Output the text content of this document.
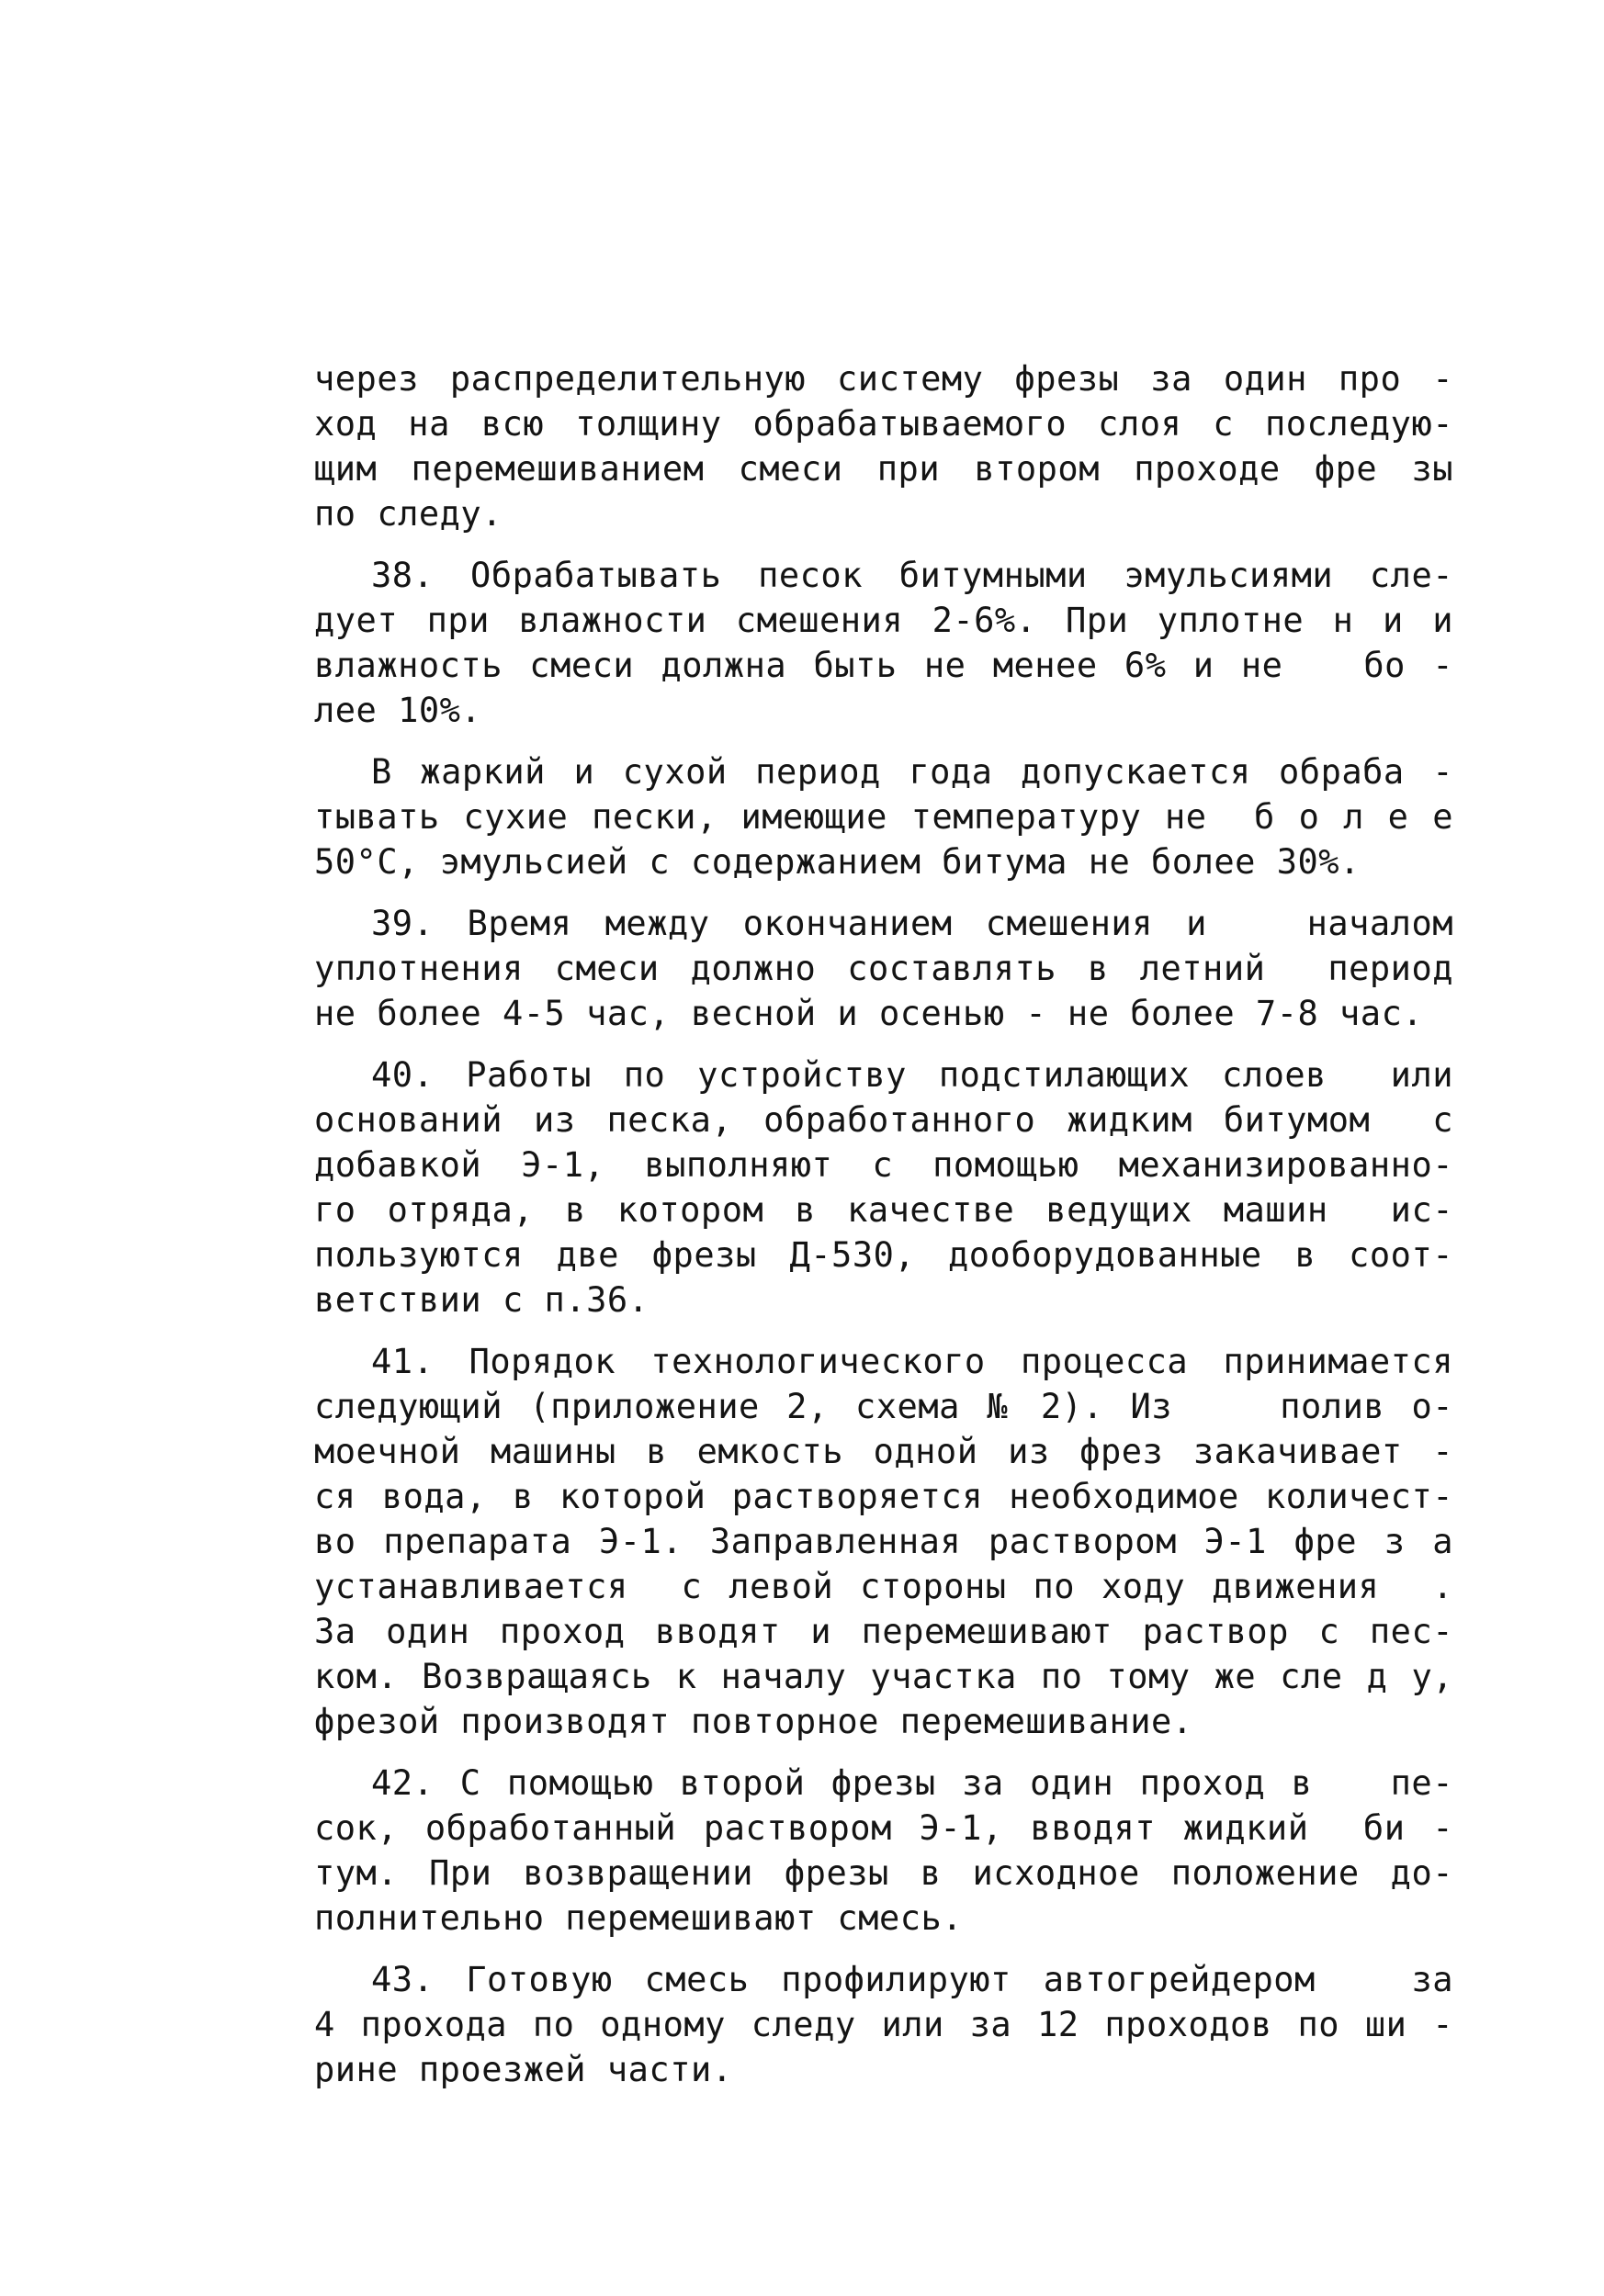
через распределительную систему фрезы за один про -
ход на всю толщину обрабатываемого слоя с последую-
щим перемешиванием смеси при втором проходе фре зы
по следу.
38. Обрабатывать песок битумными эмульсиями сле-
дует при влажности смешения 2-6%. При уплотне н и и
влажность смеси должна быть не менее 6% и не   бо -
лее 10%.
В жаркий и сухой период года допускается обраба -
тывать сухие пески, имеющие температуру не  б о л е е
50°С, эмульсией с содержанием битума не более 30%.
39. Время между окончанием смешения и   началом
уплотнения смеси должно составлять в летний  период
не более 4-5 час, весной и осенью - не более 7-8 час.
40. Работы по устройству подстилающих слоев  или
оснований из песка, обработанного жидким битумом  с
добавкой Э-1, выполняют с помощью механизированно-
го отряда, в котором в качестве ведущих машин  ис-
пользуются две фрезы Д-530, дооборудованные в соот-
ветствии с п.36.
41. Порядок технологического процесса принимается
следующий (приложение 2, схема № 2). Из    полив о-
моечной машины в емкость одной из фрез закачивает -
ся вода, в которой растворяется необходимое количест-
во препарата Э-1. Заправленная раствором Э-1 фре з а
устанавливается  с левой стороны по ходу движения  .
За один проход вводят и перемешивают раствор с пес-
ком. Возвращаясь к началу участка по тому же сле д у,
фрезой производят повторное перемешивание.
42. С помощью второй фрезы за один проход в   пе-
сок, обработанный раствором Э-1, вводят жидкий  би -
тум. При возвращении фрезы в исходное положение до-
полнительно перемешивают смесь.
43. Готовую смесь профилируют автогрейдером   за
4 прохода по одному следу или за 12 проходов по ши -
рине проезжей части.
